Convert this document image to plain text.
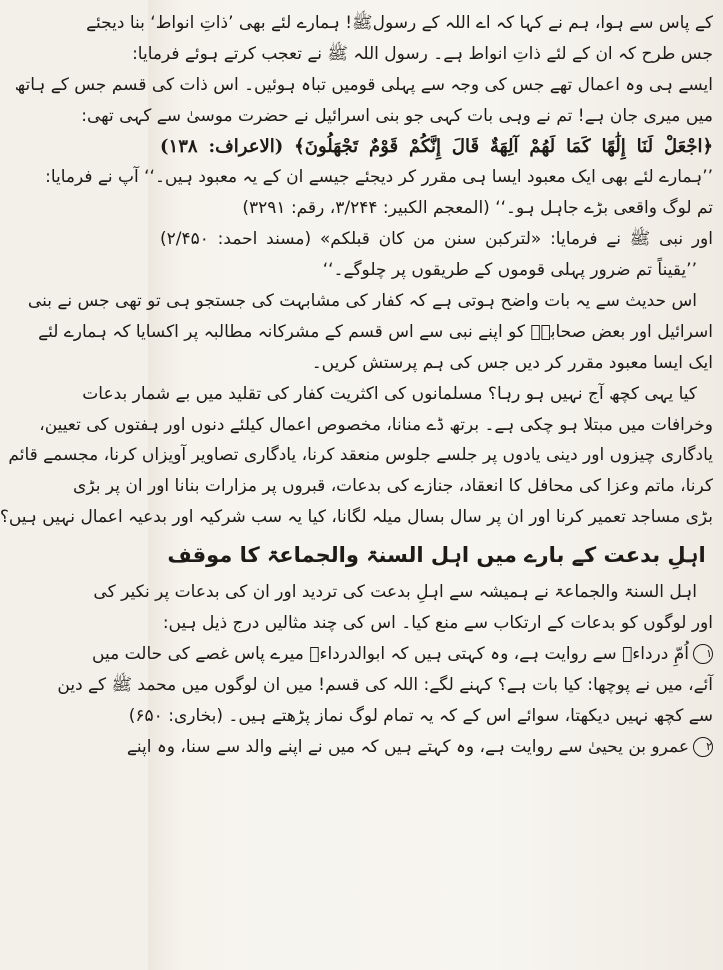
کے پاس سے ہوا، ہم نے کہا کہ اے اللہ کے رسولﷺ! ہمارے لئے بھی ’ذاتِ انواط‘ بنا دیجئے
جس طرح کہ ان کے لئے ذاتِ انواط ہے۔ رسول اللہ ﷺ نے تعجب کرتے ہوئے فرمایا:
ایسے ہی وہ اعمال تھے جس کی وجہ سے پہلی قومیں تباہ ہوئیں۔ اس ذات کی قسم جس کے ہاتھ
میں میری جان ہے! تم نے وہی بات کہی جو بنی اسرائیل نے حضرت موسیٰ سے کہی تھی:
﴿اجْعَلْ لَنَا إِلَٰهًا كَمَا لَهُمْ آلِهَةٌ قَالَ إِنَّكُمْ قَوْمٌ تَجْهَلُونَ﴾ (الاعراف: ۱۳۸)
’’ہمارے لئے بھی ایک معبود ایسا ہی مقرر کر دیجئے جیسے ان کے یہ معبود ہیں۔‘‘ آپ نے فرمایا:
تم لوگ واقعی بڑے جاہل ہو۔‘‘ (المعجم الکبیر: ۳/۲۴۴، رقم: ۳۲۹۱)
اور نبی ﷺ نے فرمایا: «لتركبن سنن من كان قبلكم» (مسند احمد: ۲/۴۵۰)
’’یقیناً تم ضرور پہلی قوموں کے طریقوں پر چلوگے۔‘‘
اس حدیث سے یہ بات واضح ہوتی ہے کہ کفار کی مشابہت کی جستجو ہی تو تھی جس نے بنی
اسرائیل اور بعض صحابہؓ کو اپنے نبی سے اس قسم کے مشرکانہ مطالبہ پر اکسایا کہ ہمارے لئے
ایک ایسا معبود مقرر کر دیں جس کی ہم پرستش کریں۔
کیا یہی کچھ آج نہیں ہو رہا؟ مسلمانوں کی اکثریت کفار کی تقلید میں بے شمار بدعات
وخرافات میں مبتلا ہو چکی ہے۔ برتھ ڈے منانا، مخصوص اعمال کیلئے دنوں اور ہفتوں کی تعیین،
یادگاری چیزوں اور دینی یادوں پر جلسے جلوس منعقد کرنا، یادگاری تصاویر آویزاں کرنا، مجسمے قائم
کرنا، ماتم وعزا کی محافل کا انعقاد، جنازے کی بدعات، قبروں پر مزارات بنانا اور ان پر بڑی
بڑی مساجد تعمیر کرنا اور ان پر سال بسال میلہ لگانا، کیا یہ سب شرکیہ اور بدعیہ اعمال نہیں ہیں؟
اہلِ بدعت کے بارے میں اہل السنۃ والجماعۃ کا موقف
اہل السنۃ والجماعۃ نے ہمیشہ سے اہلِ بدعت کی تردید اور ان کی بدعات پر نکیر کی
اور لوگوں کو بدعات کے ارتکاب سے منع کیا۔ اس کی چند مثالیں درج ذیل ہیں:
۱اُمِّ درداءؓ سے روایت ہے، وہ کہتی ہیں کہ ابوالدرداءؓ میرے پاس غصے کی حالت میں
آئے، میں نے پوچھا: کیا بات ہے؟ کہنے لگے: اللہ کی قسم! میں ان لوگوں میں محمد ﷺ کے دین
سے کچھ نہیں دیکھتا، سوائے اس کے کہ یہ تمام لوگ نماز پڑھتے ہیں۔ (بخاری: ۶۵۰)
۲عمرو بن یحییٰ سے روایت ہے، وہ کہتے ہیں کہ میں نے اپنے والد سے سنا، وہ اپنے
